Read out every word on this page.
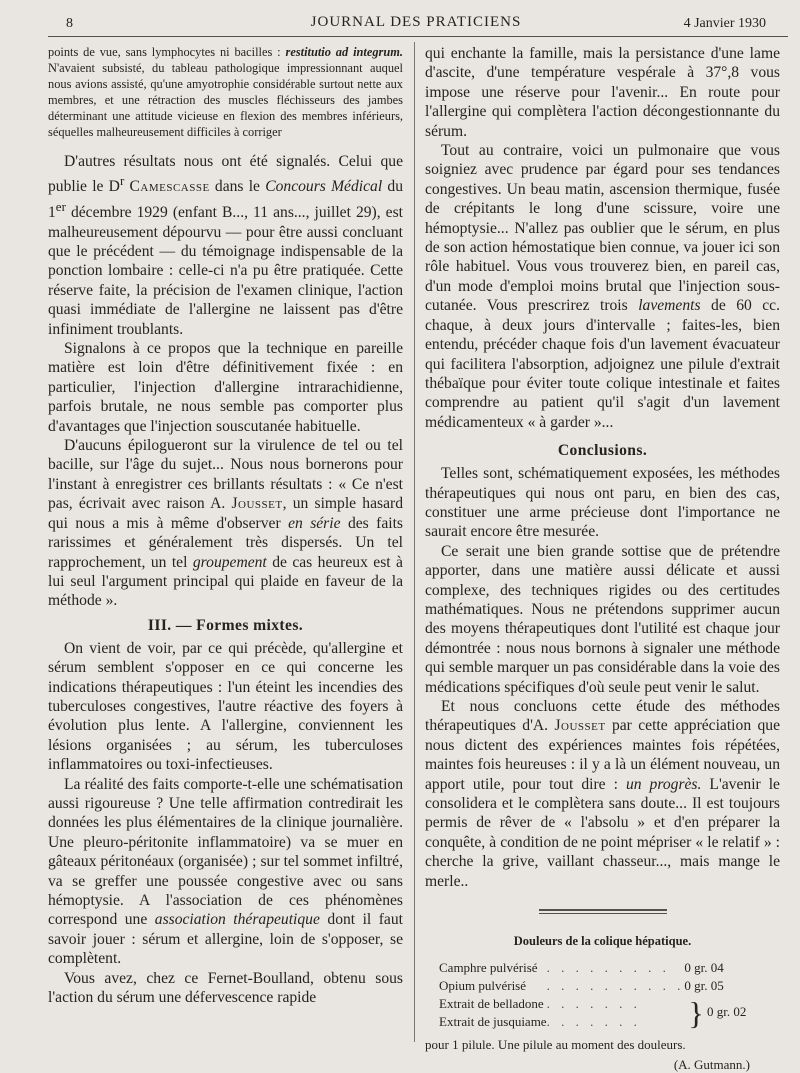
8	JOURNAL DES PRATICIENS	4 Janvier 1930

points de vue, sans lymphocytes ni bacilles : restitutio ad integrum. N'avaient subsisté, du tableau pathologique impressionnant auquel nous avions assisté, qu'une amyotrophie considérable surtout nette aux membres, et une rétraction des muscles fléchisseurs des jambes déterminant une attitude vicieuse en flexion des membres inférieurs, séquelles malheureusement difficiles à corriger

D'autres résultats nous ont été signalés. Celui que publie le $D^r$ Camescasse dans le Concours Médical du 1er décembre 1929 (enfant B..., 11 ans..., juillet 29), est malheureusement dépourvu — pour être aussi concluant que le précédent — du témoignage indispensable de la ponction lombaire : celle-ci n'a pu être pratiquée. Cette réserve faite, la précision de l'examen clinique, l'action quasi immédiate de l'allergine ne laissent pas d'être infiniment troublants.

Signalons à ce propos que la technique en pareille matière est loin d'être définitivement fixée : en particulier, l'injection d'allergine intrarachidienne, parfois brutale, ne nous semble pas comporter plus d'avantages que l'injection souscutanée habituelle.

D'aucuns épilogueront sur la virulence de tel ou tel bacille, sur l'âge du sujet... Nous nous bornerons pour l'instant à enregistrer ces brillants résultats : « Ce n'est pas, écrivait avec raison A. Jousset, un simple hasard qui nous a mis à même d'observer en série des faits rarissimes et généralement très dispersés. Un tel rapprochement, un tel groupement de cas heureux est à lui seul l'argument principal qui plaide en faveur de la méthode ».

III. — Formes mixtes.

On vient de voir, par ce qui précède, qu'allergine et sérum semblent s'opposer en ce qui concerne les indications thérapeutiques : l'un éteint les incendies des tuberculoses congestives, l'autre réactive des foyers à évolution plus lente. A l'allergine, conviennent les lésions organisées ; au sérum, les tuberculoses inflammatoires ou toxi-infectieuses.

La réalité des faits comporte-t-elle une schématisation aussi rigoureuse ? Une telle affirmation contredirait les données les plus élémentaires de la clinique journalière. Une pleuro-péritonite inflammatoire) va se muer en gâteaux péritonéaux (organisée) ; sur tel sommet infiltré, va se greffer une poussée congestive avec ou sans hémoptysie. A l'association de ces phénomènes correspond une association thérapeutique dont il faut savoir jouer : sérum et allergine, loin de s'opposer, se complètent.

Vous avez, chez ce Fernet-Boulland, obtenu sous l'action du sérum une défervescence rapide

qui enchante la famille, mais la persistance d'une lame d'ascite, d'une température vespérale à 37°,8 vous impose une réserve pour l'avenir... En route pour l'allergine qui complètera l'action décongestionnante du sérum.

Tout au contraire, voici un pulmonaire que vous soigniez avec prudence par égard pour ses tendances congestives. Un beau matin, ascension thermique, fusée de crépitants le long d'une scissure, voire une hémoptysie... N'allez pas oublier que le sérum, en plus de son action hémostatique bien connue, va jouer ici son rôle habituel. Vous vous trouverez bien, en pareil cas, d'un mode d'emploi moins brutal que l'injection sous-cutanée. Vous prescrirez trois lavements de 60 cc. chaque, à deux jours d'intervalle ; faites-les, bien entendu, précéder chaque fois d'un lavement évacuateur qui facilitera l'absorption, adjoignez une pilule d'extrait thébaïque pour éviter toute colique intestinale et faites comprendre au patient qu'il s'agit d'un lavement médicamenteux « à garder »...

Conclusions.

Telles sont, schématiquement exposées, les méthodes thérapeutiques qui nous ont paru, en bien des cas, constituer une arme précieuse dont l'importance ne saurait encore être mesurée.

Ce serait une bien grande sottise que de prétendre apporter, dans une matière aussi délicate et aussi complexe, des techniques rigides ou des certitudes mathématiques. Nous ne prétendons supprimer aucun des moyens thérapeutiques dont l'utilité est chaque jour démontrée : nous nous bornons à signaler une méthode qui semble marquer un pas considérable dans la voie des médications spécifiques d'où seule peut venir le salut.

Et nous concluons cette étude des méthodes thérapeutiques d'A. Jousset par cette appréciation que nous dictent des expériences maintes fois répétées, maintes fois heureuses : il y a là un élément nouveau, un apport utile, pour tout dire : un progrès. L'avenir le consolidera et le complètera sans doute... Il est toujours permis de rêver de « l'absolu » et d'en préparer la conquête, à condition de ne point mépriser « le relatif » : cherche la grive, vaillant chasseur..., mais mange le merle..

Douleurs de la colique hépatique.
Camphre pulvérisé	. . . . . . . . .	0 gr. 04
Opium pulvérisé	. . . . . . . . . .	0 gr. 05
Extrait de belladone	. . . . . . .	} 0 gr. 02
Extrait de jusquiame	. . . . . . .	
pour 1 pilule. Une pilule au moment des douleurs.
(A. Gutmann.)
